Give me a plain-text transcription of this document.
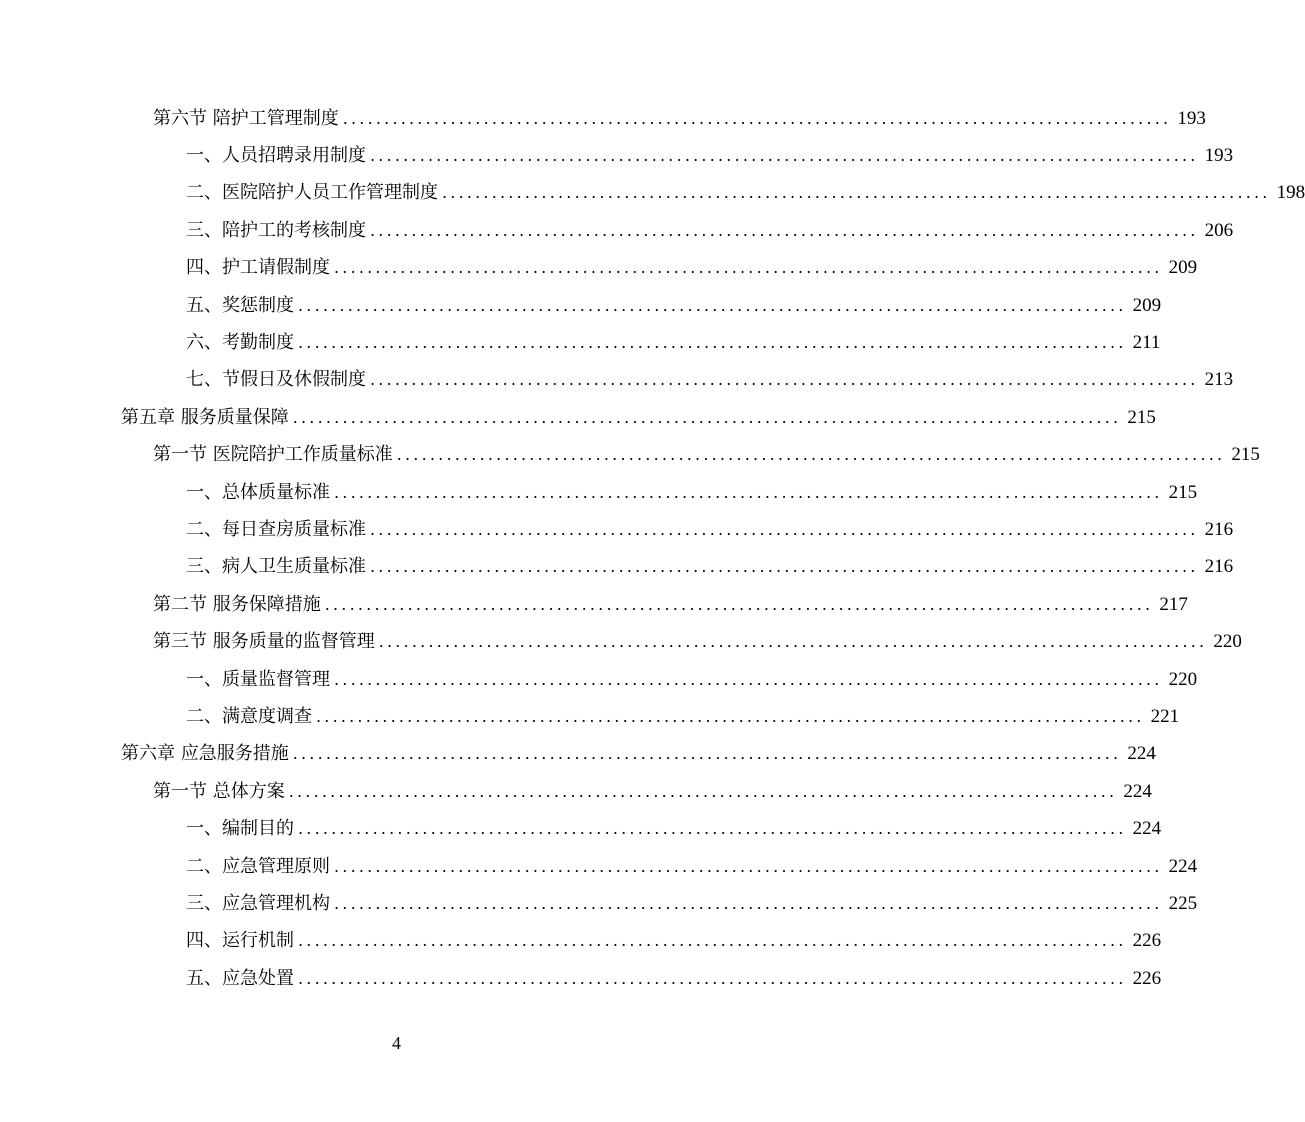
第六节 陪护工管理制度 .................................................................................................... 193
一、人员招聘录用制度 .................................................................................................... 193
二、医院陪护人员工作管理制度 .................................................................................................... 198
三、陪护工的考核制度 .................................................................................................... 206
四、护工请假制度 .................................................................................................... 209
五、奖惩制度 .................................................................................................... 209
六、考勤制度 .................................................................................................... 211
七、节假日及休假制度 .................................................................................................... 213
第五章 服务质量保障 .................................................................................................... 215
第一节 医院陪护工作质量标准 .................................................................................................... 215
一、总体质量标准 .................................................................................................... 215
二、每日查房质量标准 .................................................................................................... 216
三、病人卫生质量标准 .................................................................................................... 216
第二节 服务保障措施 .................................................................................................... 217
第三节 服务质量的监督管理 .................................................................................................... 220
一、质量监督管理 .................................................................................................... 220
二、满意度调查 .................................................................................................... 221
第六章 应急服务措施 .................................................................................................... 224
第一节 总体方案 .................................................................................................... 224
一、编制目的 .................................................................................................... 224
二、应急管理原则 .................................................................................................... 224
三、应急管理机构 .................................................................................................... 225
四、运行机制 .................................................................................................... 226
五、应急处置 .................................................................................................... 226
4
